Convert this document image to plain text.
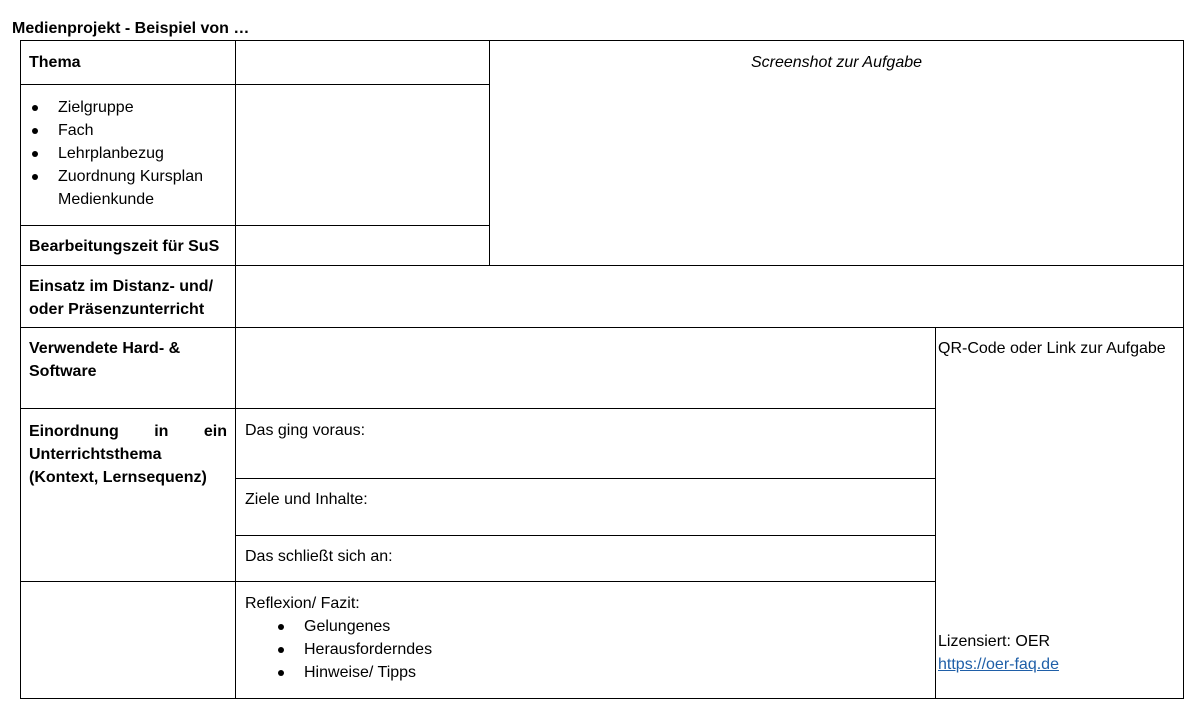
Medienprojekt - Beispiel von …
Thema	Screenshot zur Aufgabe
Zielgruppe
Fach
Lehrplanbezug
Zuordnung Kursplan Medienkunde
Bearbeitungszeit für SuS
Einsatz im Distanz- und/ oder Präsenzunterricht
Verwendete Hard- & Software
QR-Code oder Link zur Aufgabe
Lizensiert: OER
https://oer-faq.de
Einordnung in ein
Unterrichtsthema (Kontext, Lernsequenz)
Das ging voraus:
Ziele und Inhalte:
Das schließt sich an:
Reflexion/ Fazit:
Gelungenes
Herausforderndes
Hinweise/ Tipps
